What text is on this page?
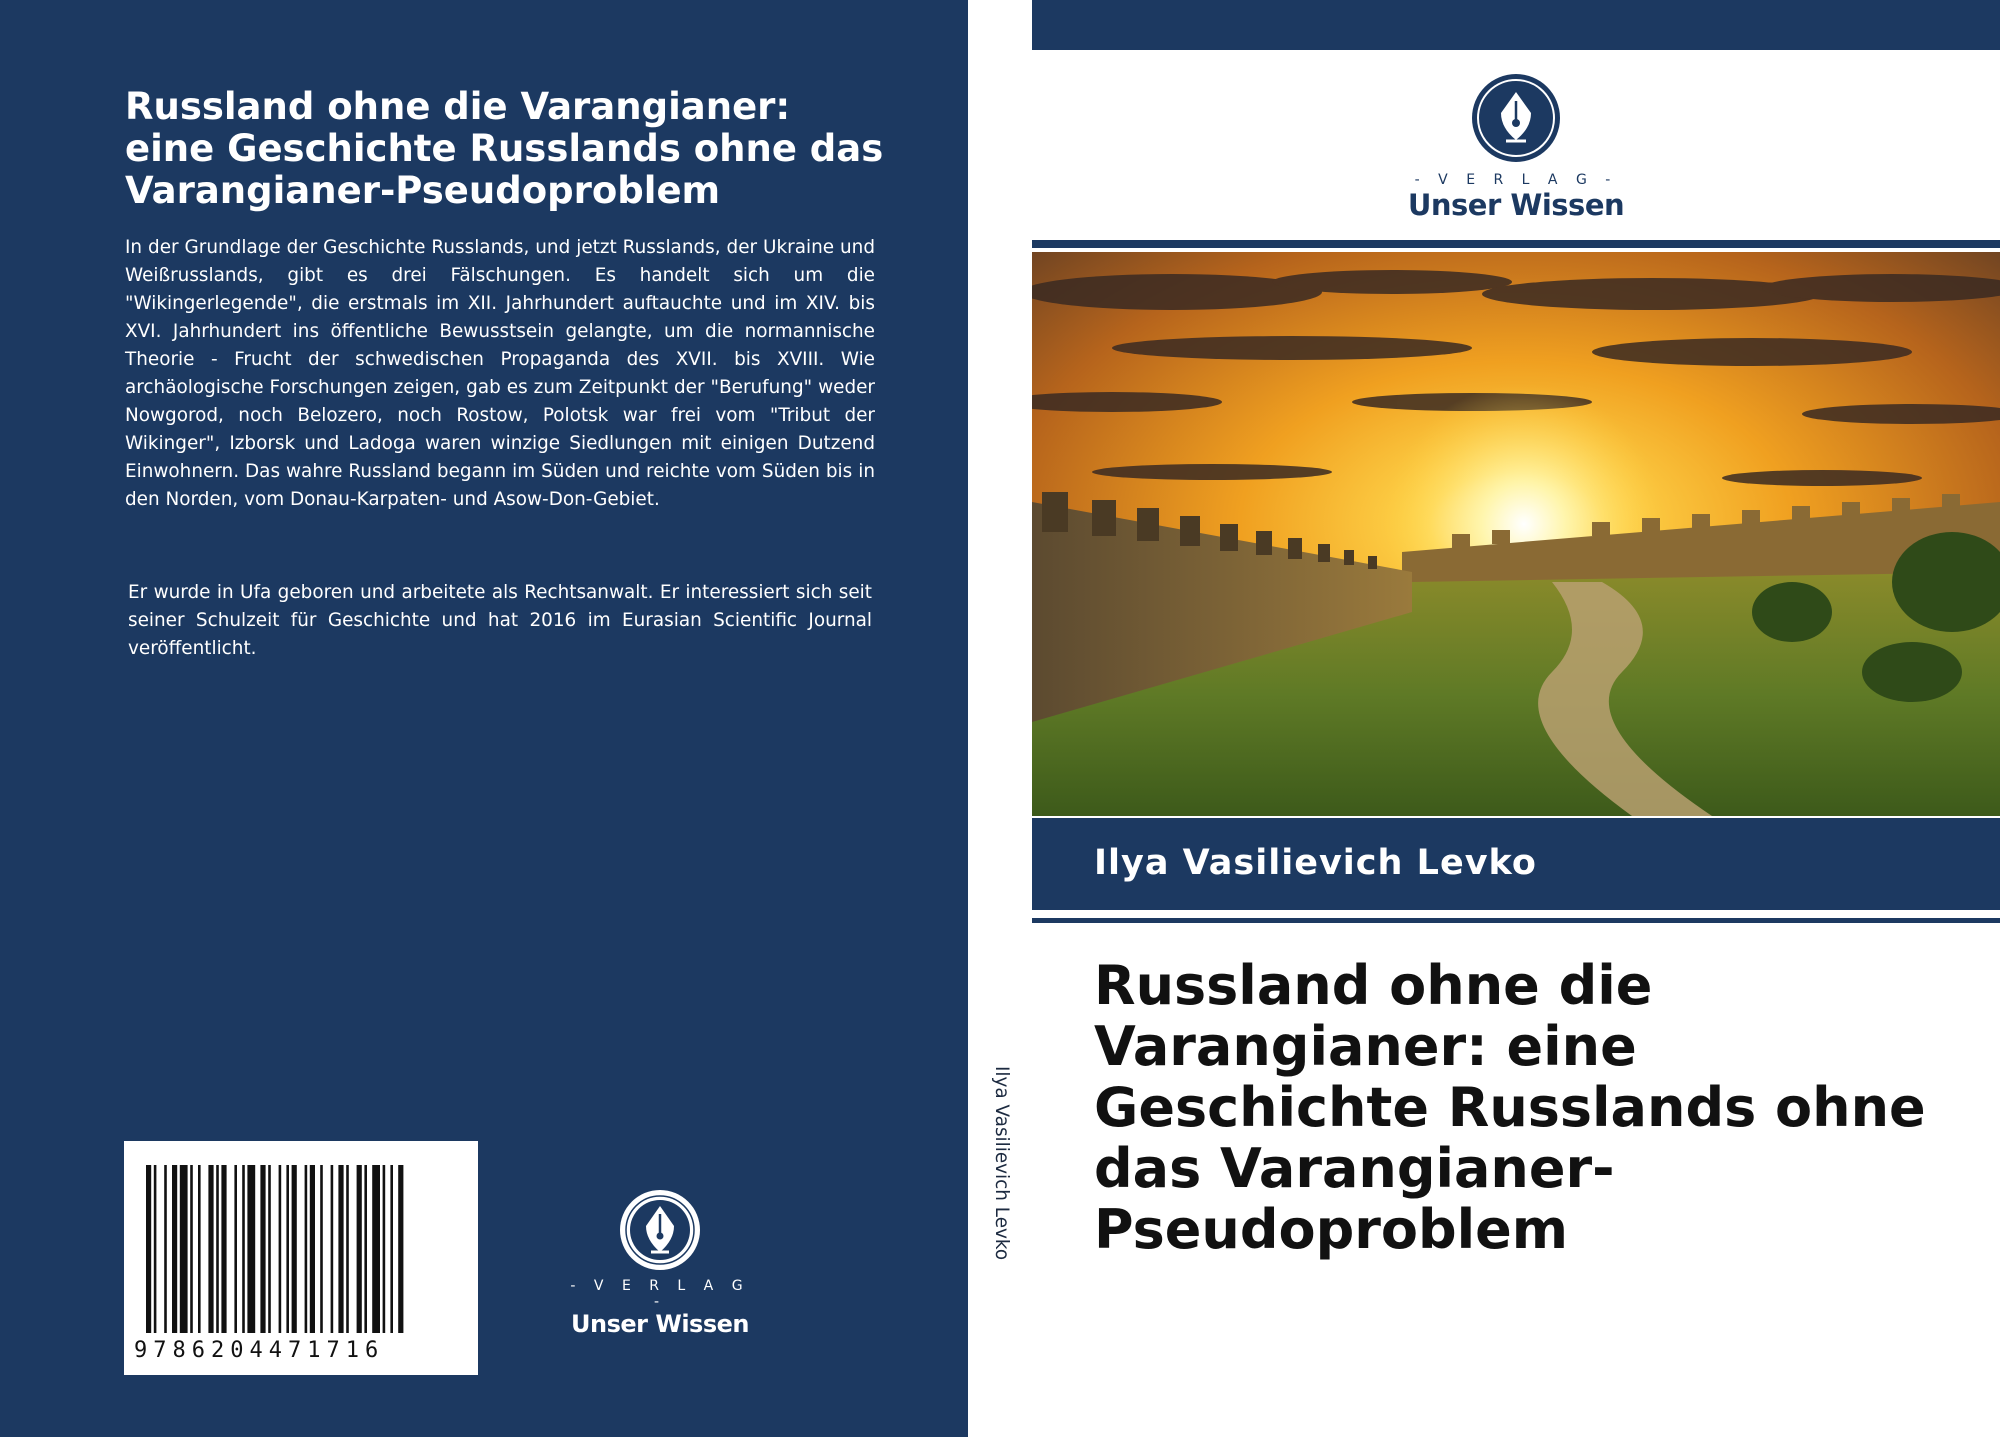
Russland ohne die Varangianer: eine Geschichte Russlands ohne das Varangianer-Pseudoproblem

In der Grundlage der Geschichte Russlands, und jetzt Russlands, der Ukraine und Weißrusslands, gibt es drei Fälschungen. Es handelt sich um die "Wikingerlegende", die erstmals im XII. Jahrhundert auftauchte und im XIV. bis XVI. Jahrhundert ins öffentliche Bewusstsein gelangte, um die normannische Theorie - Frucht der schwedischen Propaganda des XVII. bis XVIII. Wie archäologische Forschungen zeigen, gab es zum Zeitpunkt der "Berufung" weder Nowgorod, noch Belozero, noch Rostow, Polotsk war frei vom "Tribut der Wikinger", Izborsk und Ladoga waren winzige Siedlungen mit einigen Dutzend Einwohnern. Das wahre Russland begann im Süden und reichte vom Süden bis in den Norden, vom Donau-Karpaten- und Asow-Don-Gebiet.

Er wurde in Ufa geboren und arbeitete als Rechtsanwalt. Er interessiert sich seit seiner Schulzeit für Geschichte und hat 2016 im Eurasian Scientific Journal veröffentlicht.

9786204471716
- V E R L A G -
Unser Wissen
Ilya Vasilievich Levko
- V E R L A G -
Unser Wissen
Ilya Vasilievich Levko
Russland ohne die Varangianer: eine Geschichte Russlands ohne das Varangianer-Pseudoproblem
